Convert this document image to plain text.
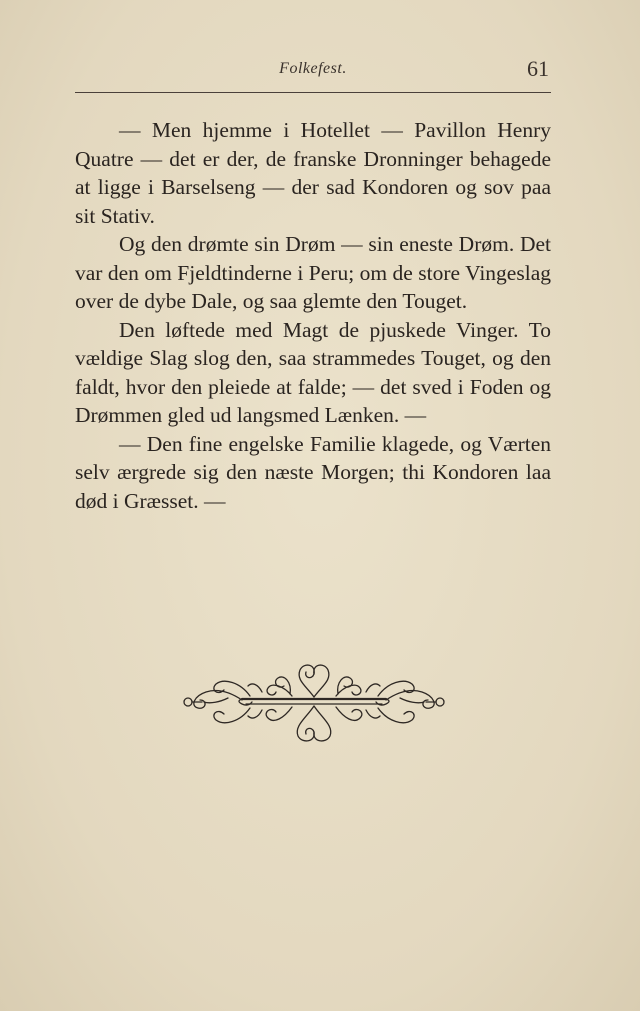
Folkefest.	61

— Men hjemme i Hotellet — Pavillon Henry Quatre — det er der, de franske Dronninger behagede at ligge i Barselseng — der sad Kondoren og sov paa sit Stativ.

Og den drømte sin Drøm — sin eneste Drøm. Det var den om Fjeldtinderne i Peru; om de store Vingeslag over de dybe Dale, og saa glemte den Touget.

Den løftede med Magt de pjuskede Vinger. To vældige Slag slog den, saa strammedes Touget, og den faldt, hvor den pleiede at falde; — det sved i Foden og Drømmen gled ud langsmed Lænken. —

— Den fine engelske Familie klagede, og Værten selv ærgrede sig den næste Morgen; thi Kondoren laa død i Græsset. —
